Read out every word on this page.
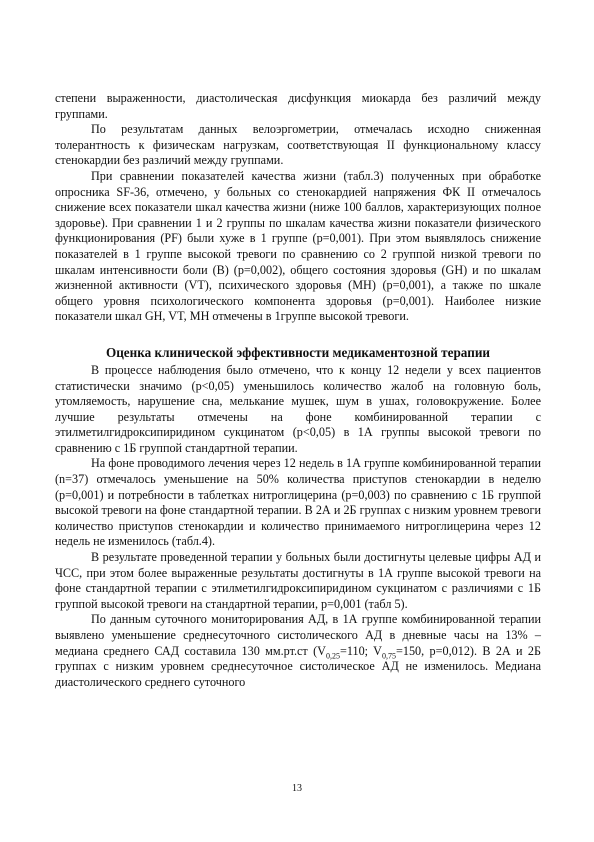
степени выраженности, диастолическая дисфункция миокарда без различий между группами.

По результатам данных велоэргометрии, отмечалась исходно сниженная толерантность к физическам нагрузкам, соответствующая II функциональному классу стенокардии без различий между группами.

При сравнении показателей качества жизни (табл.3) полученных при обработке опросника SF-36, отмечено, у больных со стенокардией напряжения ФК II отмечалось снижение всех показатели шкал качества жизни (ниже 100 баллов, характеризующих полное здоровье). При сравнении 1 и 2 группы по шкалам качества жизни показатели физического функционирования (PF) были хуже в 1 группе (р=0,001). При этом выявлялось снижение показателей в 1 группе высокой тревоги по сравнению со 2 группой низкой тревоги по шкалам интенсивности боли (B) (р=0,002), общего состояния здоровья (GH) и по шкалам жизненной активности (VT), психического здоровья (MH) (р=0,001), а также по шкале общего уровня психологического компонента здоровья (р=0,001). Наиболее низкие показатели шкал GH, VT, MH отмечены в 1группе высокой тревоги.

Оценка клинической эффективности медикаментозной терапии

В процессе наблюдения было отмечено, что к концу 12 недели у всех пациентов статистически значимо (р<0,05) уменьшилось количество жалоб на головную боль, утомляемость, нарушение сна, мелькание мушек, шум в ушах, головокружение. Более лучшие результаты отмечены на фоне комбинированной терапии с этилметилгидроксипиридином сукцинатом (р<0,05) в 1А группы высокой тревоги по сравнению с 1Б группой стандартной терапии.

На фоне проводимого лечения через 12 недель в 1А группе комбинированной терапии (n=37) отмечалось уменьшение на 50% количества приступов стенокардии в неделю (р=0,001) и потребности в таблетках нитроглицерина (р=0,003) по сравнению с 1Б группой высокой тревоги на фоне стандартной терапии. В 2А и 2Б группах с низким уровнем тревоги количество приступов стенокардии и количество принимаемого нитроглицерина через 12 недель не изменилось (табл.4).

В результате проведенной терапии у больных были достигнуты целевые цифры АД и ЧСС, при этом более выраженные результаты достигнуты в 1А группе высокой тревоги на фоне стандартной терапии с этилметилгидроксипиридином сукцинатом с различиями с 1Б группой высокой тревоги на стандартной терапии, р=0,001 (табл 5).

По данным суточного мониторирования АД, в 1А группе комбинированной терапии выявлено уменьшение среднесуточного систолического АД в дневные часы на 13% – медиана среднего САД составила 130 мм.рт.ст ($V_{0,25}=110$; $V_{0,75}=150$, р=0,012). В 2А и 2Б группах с низким уровнем среднесуточное систолическое АД не изменилось. Медиана диастолического среднего суточного

13
